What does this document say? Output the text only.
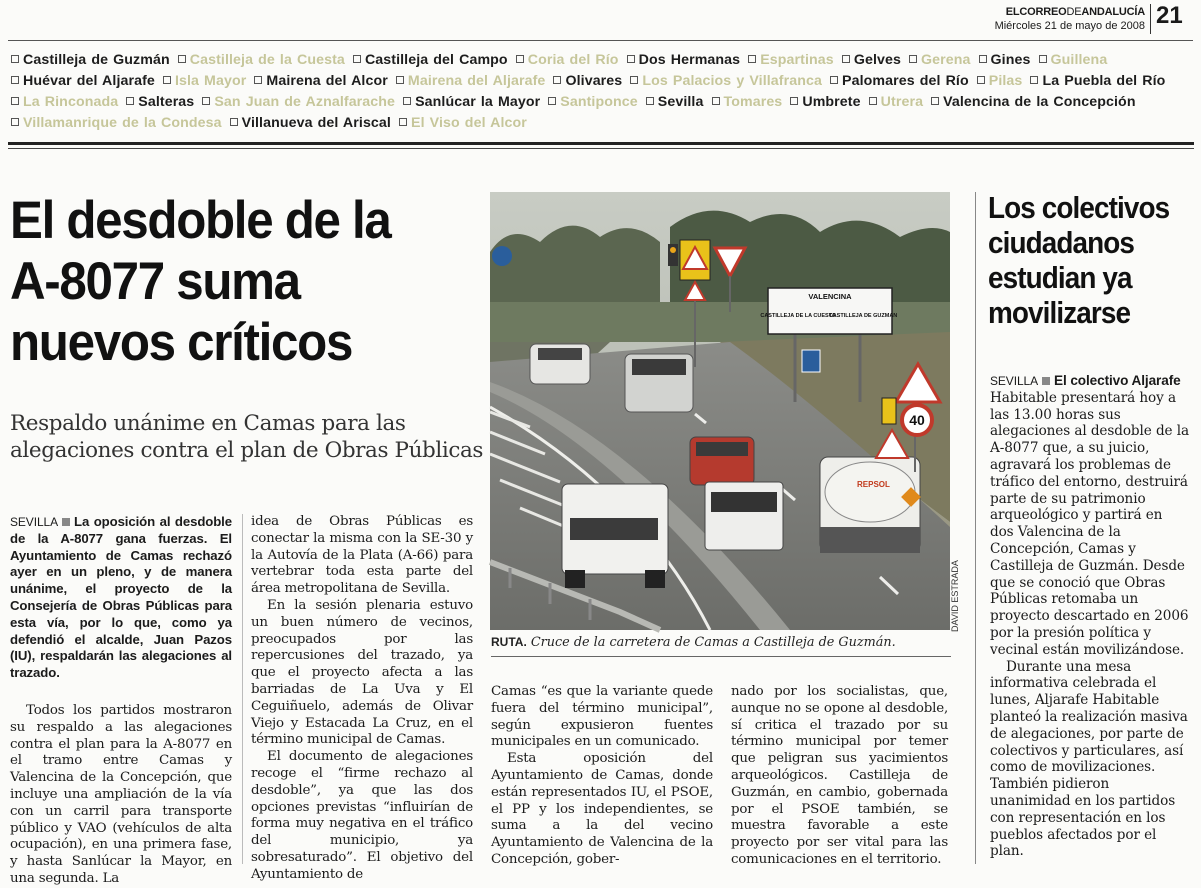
ELCORREODEANDALUCÍA
Miércoles 21 de mayo de 2008 21
Castilleja de Guzmán Castilleja de la Cuesta Castilleja del Campo Coria del Río Dos Hermanas Espartinas Gelves Gerena Gines Guillena Huévar del Aljarafe Isla Mayor Mairena del Alcor Mairena del Aljarafe Olivares Los Palacios y Villafranca Palomares del Río Pilas La Puebla del Río La Rinconada Salteras San Juan de Aznalfarache Sanlúcar la Mayor Santiponce Sevilla Tomares Umbrete Utrera Valencina de la Concepción Villamanrique de la Condesa Villanueva del Ariscal El Viso del Alcor
El desdoble de la A-8077 suma nuevos críticos
Respaldo unánime en Camas para las alegaciones contra el plan de Obras Públicas

SEVILLA La oposición al desdoble de la A-8077 gana fuerzas. El Ayuntamiento de Camas rechazó ayer en un pleno, y de manera unánime, el proyecto de la Consejería de Obras Públicas para esta vía, por lo que, como ya defendió el alcalde, Juan Pazos (IU), respaldarán las alegaciones al trazado.

Todos los partidos mostraron su respaldo a las alegaciones contra el plan para la A-8077 en el tramo entre Camas y Valencina de la Concepción, que incluye una ampliación de la vía con un carril para transporte público y VAO (vehículos de alta ocupación), en una primera fase, y hasta Sanlúcar la Mayor, en una segunda. La

idea de Obras Públicas es conectar la misma con la SE-30 y la Autovía de la Plata (A-66) para vertebrar toda esta parte del área metropolitana de Sevilla.

En la sesión plenaria estuvo un buen número de vecinos, preocupados por las repercusiones del trazado, ya que el proyecto afecta a las barriadas de La Uva y El Ceguiñuelo, además de Olivar Viejo y Estacada La Cruz, en el término municipal de Camas.

El documento de alegaciones recoge el “firme rechazo al desdoble”, ya que las dos opciones previstas “influirían de forma muy negativa en el tráfico del municipio, ya sobresaturado”. El objetivo del Ayuntamiento de

Camas “es que la variante quede fuera del término municipal”, según expusieron fuentes municipales en un comunicado.

Esta oposición del Ayuntamiento de Camas, donde están representados IU, el PSOE, el PP y los independientes, se suma a la del vecino Ayuntamiento de Valencina de la Concepción, gober-

nado por los socialistas, que, aunque no se opone al desdoble, sí critica el trazado por su término municipal por temer que peligran sus yacimientos arqueológicos. Castilleja de Guzmán, en cambio, gobernada por el PSOE también, se muestra favorable a este proyecto por ser vital para las comunicaciones en el territorio.

REPSOL
VALENCINA
CASTILLEJA DE LA CUESTA
CASTILLEJA DE GUZMAN
40
DAVID ESTRADA
RUTA. Cruce de la carretera de Camas a Castilleja de Guzmán.
Los colectivos ciudadanos estudian ya movilizarse

SEVILLA El colectivo Aljarafe Habitable presentará hoy a las 13.00 horas sus alegaciones al desdoble de la A-8077 que, a su juicio, agravará los problemas de tráfico del entorno, destruirá parte de su patrimonio arqueológico y partirá en dos Valencina de la Concepción, Camas y Castilleja de Guzmán. Desde que se conoció que Obras Públicas retomaba un proyecto descartado en 2006 por la presión política y vecinal están movilizándose.

Durante una mesa informativa celebrada el lunes, Aljarafe Habitable planteó la realización masiva de alegaciones, por parte de colectivos y particulares, así como de movilizaciones. También pidieron unanimidad en los partidos con representación en los pueblos afectados por el plan.
